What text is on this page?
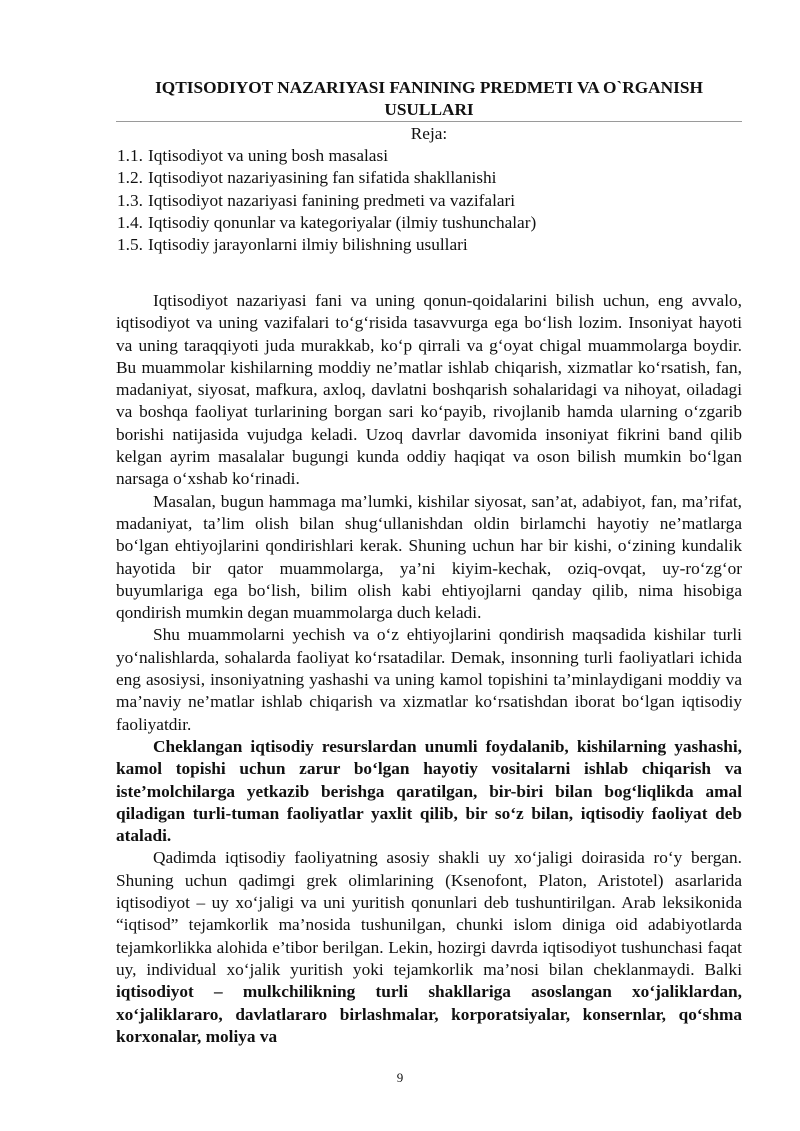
IQTISODIYOT NAZARIYASI FANINING PREDMETI VA O`RGANISH USULLARI
Reja:
1.1. Iqtisodiyot va uning bosh masalasi
1.2. Iqtisodiyot nazariyasining fan sifatida shakllanishi
1.3. Iqtisodiyot nazariyasi fanining predmeti va vazifalari
1.4. Iqtisodiy qonunlar va kategoriyalar (ilmiy tushunchalar)
1.5. Iqtisodiy jarayonlarni ilmiy bilishning usullari

Iqtisodiyot nazariyasi fani va uning qonun-qoidalarini bilish uchun, eng avvalo, iqtisodiyot va uning vazifalari to‘g‘risida tasavvurga ega bo‘lish lozim. Insoniyat hayoti va uning taraqqiyoti juda murakkab, ko‘p qirrali va g‘oyat chigal muammolarga boydir. Bu muammolar kishilarning moddiy ne’matlar ishlab chiqarish, xizmatlar ko‘rsatish, fan, madaniyat, siyosat, mafkura, axloq, davlatni boshqarish sohalaridagi va nihoyat, oiladagi va boshqa faoliyat turlarining borgan sari ko‘payib, rivojlanib hamda ularning o‘zgarib borishi natijasida vujudga keladi. Uzoq davrlar davomida insoniyat fikrini band qilib kelgan ayrim masalalar bugungi kunda oddiy haqiqat va oson bilish mumkin bo‘lgan narsaga o‘xshab ko‘rinadi.

Masalan, bugun hammaga ma’lumki, kishilar siyosat, san’at, adabiyot, fan, ma’rifat, madaniyat, ta’lim olish bilan shug‘ullanishdan oldin birlamchi hayotiy ne’matlarga bo‘lgan ehtiyojlarini qondirishlari kerak. Shuning uchun har bir kishi, o‘zining kundalik hayotida bir qator muammolarga, ya’ni kiyim-kechak, oziq-ovqat, uy-ro‘zg‘or buyumlariga ega bo‘lish, bilim olish kabi ehtiyojlarni qanday qilib, nima hisobiga qondirish mumkin degan muammolarga duch keladi.

Shu muammolarni yechish va o‘z ehtiyojlarini qondirish maqsadida kishilar turli yo‘nalishlarda, sohalarda faoliyat ko‘rsatadilar. Demak, insonning turli faoliyatlari ichida eng asosiysi, insoniyatning yashashi va uning kamol topishini ta’minlaydigani moddiy va ma’naviy ne’matlar ishlab chiqarish va xizmatlar ko‘rsatishdan iborat bo‘lgan iqtisodiy faoliyatdir.

Cheklangan iqtisodiy resurslardan unumli foydalanib, kishilarning yashashi, kamol topishi uchun zarur bo‘lgan hayotiy vositalarni ishlab chiqarish va iste’molchilarga yetkazib berishga qaratilgan, bir-biri bilan bog‘liqlikda amal qiladigan turli-tuman faoliyatlar yaxlit qilib, bir so‘z bilan, iqtisodiy faoliyat deb ataladi.

Qadimda iqtisodiy faoliyatning asosiy shakli uy xo‘jaligi doirasida ro‘y bergan. Shuning uchun qadimgi grek olimlarining (Ksenofont, Platon, Aristotel) asarlarida iqtisodiyot – uy xo‘jaligi va uni yuritish qonunlari deb tushuntirilgan. Arab leksikonida “iqtisod” tejamkorlik ma’nosida tushunilgan, chunki islom diniga oid adabiyotlarda tejamkorlikka alohida e’tibor berilgan. Lekin, hozirgi davrda iqtisodiyot tushunchasi faqat uy, individual xo‘jalik yuritish yoki tejamkorlik ma’nosi bilan cheklanmaydi. Balki iqtisodiyot – mulkchilikning turli shakllariga asoslangan xo‘jaliklardan, xo‘jaliklararo, davlatlararo birlashmalar, korporatsiyalar, konsernlar, qo‘shma korxonalar, moliya va

9
